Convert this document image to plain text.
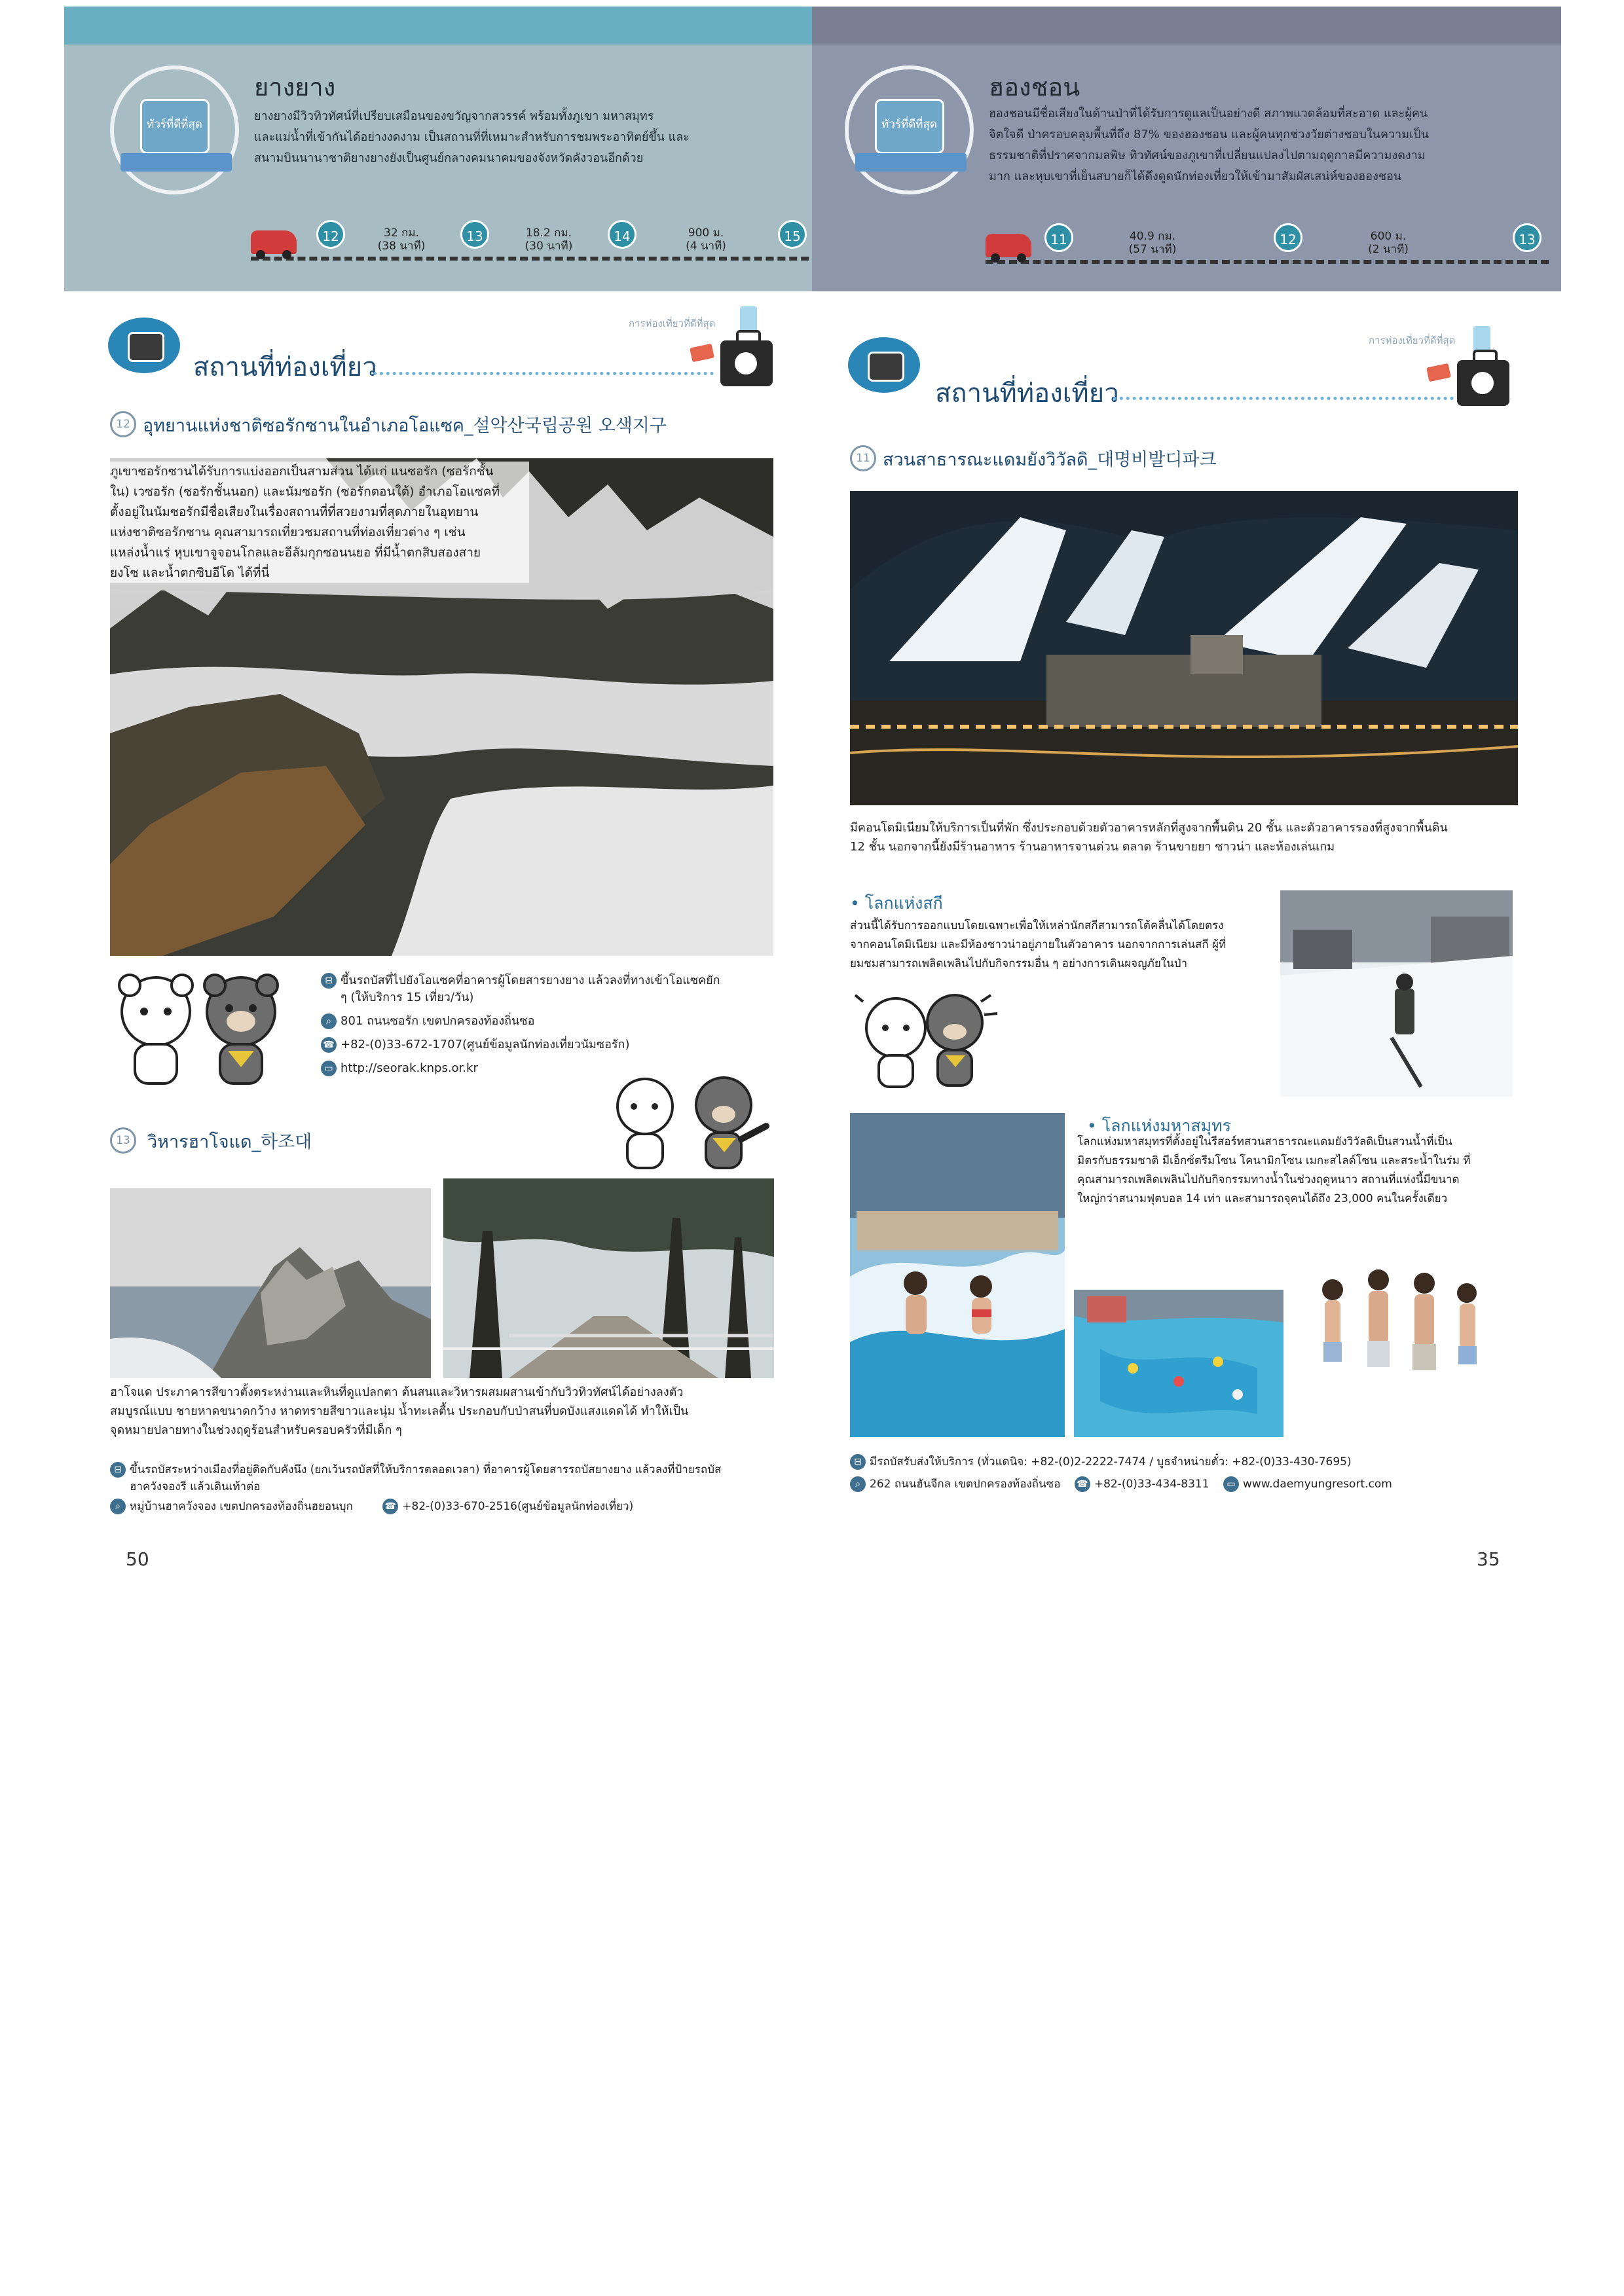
ทัวร์ที่ดีที่สุด
ยางยาง
ยางยางมีวิวทิวทัศน์ที่เปรียบเสมือนของขวัญจากสวรรค์ พร้อมทั้งภูเขา มหาสมุทร
และแม่น้ำที่เข้ากันได้อย่างงดงาม เป็นสถานที่ที่เหมาะสำหรับการชมพระอาทิตย์ขึ้น และ
สนามบินนานาชาติยางยางยังเป็นศูนย์กลางคมนาคมของจังหวัดคังวอนอีกด้วย
12	32 กม.
(38 นาที)
13	18.2 กม.
(30 นาที)
14	900 ม.
(4 นาที)
15
ทัวร์ที่ดีที่สุด
ฮองชอน
ฮองชอนมีชื่อเสียงในด้านป่าที่ได้รับการดูแลเป็นอย่างดี สภาพแวดล้อมที่สะอาด และผู้คน
จิตใจดี ป่าครอบคลุมพื้นที่ถึง 87% ของฮองชอน และผู้คนทุกช่วงวัยต่างชอบในความเป็น
ธรรมชาติที่ปราศจากมลพิษ ทิวทัศน์ของภูเขาที่เปลี่ยนแปลงไปตามฤดูกาลมีความงดงาม
มาก และหุบเขาที่เย็นสบายก็ได้ดึงดูดนักท่องเที่ยวให้เข้ามาสัมผัสเสน่ห์ของฮองชอน
11	40.9 กม.
(57 นาที)
12	600 ม.
(2 นาที)
13
การท่องเที่ยวที่ดีที่สุด
สถานที่ท่องเที่ยว
12 อุทยานแห่งชาติซอรักซานในอำเภอโอแซค_설악산국립공원 오색지구
ภูเขาซอรักซานได้รับการแบ่งออกเป็นสามส่วน ได้แก่ แนซอรัก (ซอรักชั้น
ใน) เวซอรัก (ซอรักชั้นนอก) และนัมซอรัก (ซอรักตอนใต้) อำเภอโอแซคที่
ตั้งอยู่ในนัมซอรักมีชื่อเสียงในเรื่องสถานที่ที่สวยงามที่สุดภายในอุทยาน
แห่งชาติซอรักซาน คุณสามารถเที่ยวชมสถานที่ท่องเที่ยวต่าง ๆ เช่น
แหล่งน้ำแร่ หุบเขาจูจอนโกลและอีลัมกุกซอนนยอ ที่มีน้ำตกสิบสองสาย
ยงโซ และน้ำตกซิบอีโด ได้ที่นี่
⊟ ขึ้นรถบัสที่ไปยังโอแซคที่อาคารผู้โดยสารยางยาง แล้วลงที่ทางเข้าโอแซคยัก
ๆ (ให้บริการ 15 เที่ยว/วัน)
⌕ 801 ถนนซอรัก เขตปกครองท้องถิ่นซอ
☎ +82-(0)33-672-1707(ศูนย์ข้อมูลนักท่องเที่ยวนัมซอรัก)
▭ http://seorak.knps.or.kr
13 วิหารฮาโจแด_하조대
ฮาโจแด ประภาคารสีขาวตั้งตระหง่านและหินที่ดูแปลกตา ต้นสนและวิหารผสมผสานเข้ากับวิวทิวทัศน์ได้อย่างลงตัว
สมบูรณ์แบบ ชายหาดขนาดกว้าง หาดทรายสีขาวและนุ่ม น้ำทะเลตื้น ประกอบกับป่าสนที่บดบังแสงแดดได้ ทำให้เป็น
จุดหมายปลายทางในช่วงฤดูร้อนสำหรับครอบครัวที่มีเด็ก ๆ
⊟ ขึ้นรถบัสระหว่างเมืองที่อยู่ติดกับคังนึง (ยกเว้นรถบัสที่ให้บริการตลอดเวลา) ที่อาคารผู้โดยสารรถบัสยางยาง แล้วลงที่ป้ายรถบัส
ฮาควังจองรี แล้วเดินเท้าต่อ
⌕ หมู่บ้านฮาควังจอง เขตปกครองท้องถิ่นฮยอนบุก	☎ +82-(0)33-670-2516(ศูนย์ข้อมูลนักท่องเที่ยว)
50
การท่องเที่ยวที่ดีที่สุด
สถานที่ท่องเที่ยว
11 สวนสาธารณะแดมยังวิวัลดิ_대명비발디파크
มีคอนโดมิเนียมให้บริการเป็นที่พัก ซึ่งประกอบด้วยตัวอาคารหลักที่สูงจากพื้นดิน 20 ชั้น และตัวอาคารรองที่สูงจากพื้นดิน
12 ชั้น นอกจากนี้ยังมีร้านอาหาร ร้านอาหารจานด่วน ตลาด ร้านขายยา ซาวน่า และห้องเล่นเกม
• โลกแห่งสกี
ส่วนนี้ได้รับการออกแบบโดยเฉพาะเพื่อให้เหล่านักสกีสามารถโต้คลื่นได้โดยตรง
จากคอนโดมิเนียม และมีห้องชาวน่าอยู่ภายในตัวอาคาร นอกจากการเล่นสกี ผู้ที่
ยมชมสามารถเพลิดเพลินไปกับกิจกรรมอื่น ๆ อย่างการเดินผจญภัยในป่า
• โลกแห่งมหาสมุทร
โลกแห่งมหาสมุทรที่ตั้งอยู่ในรีสอร์ทสวนสาธารณะแดมยังวิวัลดิเป็นสวนน้ำที่เป็น
มิตรกับธรรมชาติ มีเอ็กซ์ตรีมโซน โคนามิกโซน เมกะสไลด์โซน และสระน้ำในร่ม ที่
คุณสามารถเพลิดเพลินไปกับกิจกรรมทางน้ำในช่วงฤดูหนาว สถานที่แห่งนี้มีขนาด
ใหญ่กว่าสนามฟุตบอล 14 เท่า และสามารถจุคนได้ถึง 23,000 คนในครั้งเดียว
⊟ มีรถบัสรับส่งให้บริการ (ทั่วแดนิจ: +82-(0)2-2222-7474 / บูธจำหน่ายตั๋ว: +82-(0)33-430-7695)
⌕ 262 ถนนฮันจีกล เขตปกครองท้องถิ่นซอ ☎ +82-(0)33-434-8311 ▭ www.daemyungresort.com
35
